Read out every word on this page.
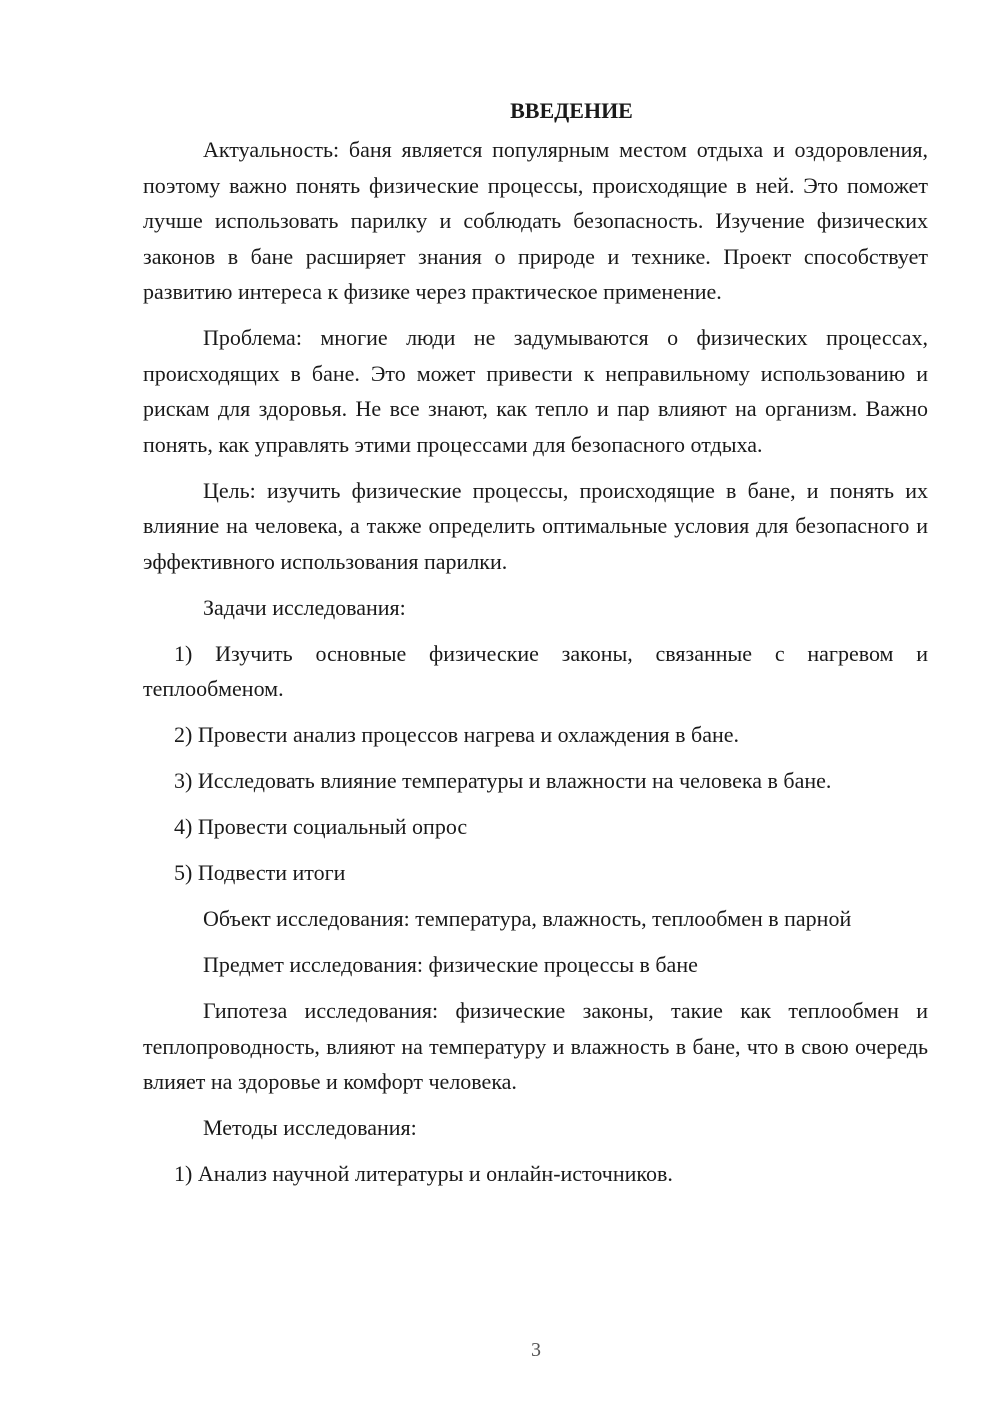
ВВЕДЕНИЕ

Актуальность: баня является популярным местом отдыха и оздоровления, поэтому важно понять физические процессы, происходящие в ней. Это поможет лучше использовать парилку и соблюдать безопасность. Изучение физических законов в бане расширяет знания о природе и технике. Проект способствует развитию интереса к физике через практическое применение.

Проблема: многие люди не задумываются о физических процессах, происходящих в бане. Это может привести к неправильному использованию и рискам для здоровья. Не все знают, как тепло и пар влияют на организм. Важно понять, как управлять этими процессами для безопасного отдыха.

Цель: изучить физические процессы, происходящие в бане, и понять их влияние на человека, а также определить оптимальные условия для безопасного и эффективного использования парилки.

Задачи исследования:

1) Изучить основные физические законы, связанные с нагревом и теплообменом.

2) Провести анализ процессов нагрева и охлаждения в бане.

3) Исследовать влияние температуры и влажности на человека в бане.

4) Провести социальный опрос

5) Подвести итоги

Объект исследования: температура, влажность, теплообмен в парной

Предмет исследования: физические процессы в бане

Гипотеза исследования: физические законы, такие как теплообмен и теплопроводность, влияют на температуру и влажность в бане, что в свою очередь влияет на здоровье и комфорт человека.

Методы исследования:

1) Анализ научной литературы и онлайн-источников.

3
